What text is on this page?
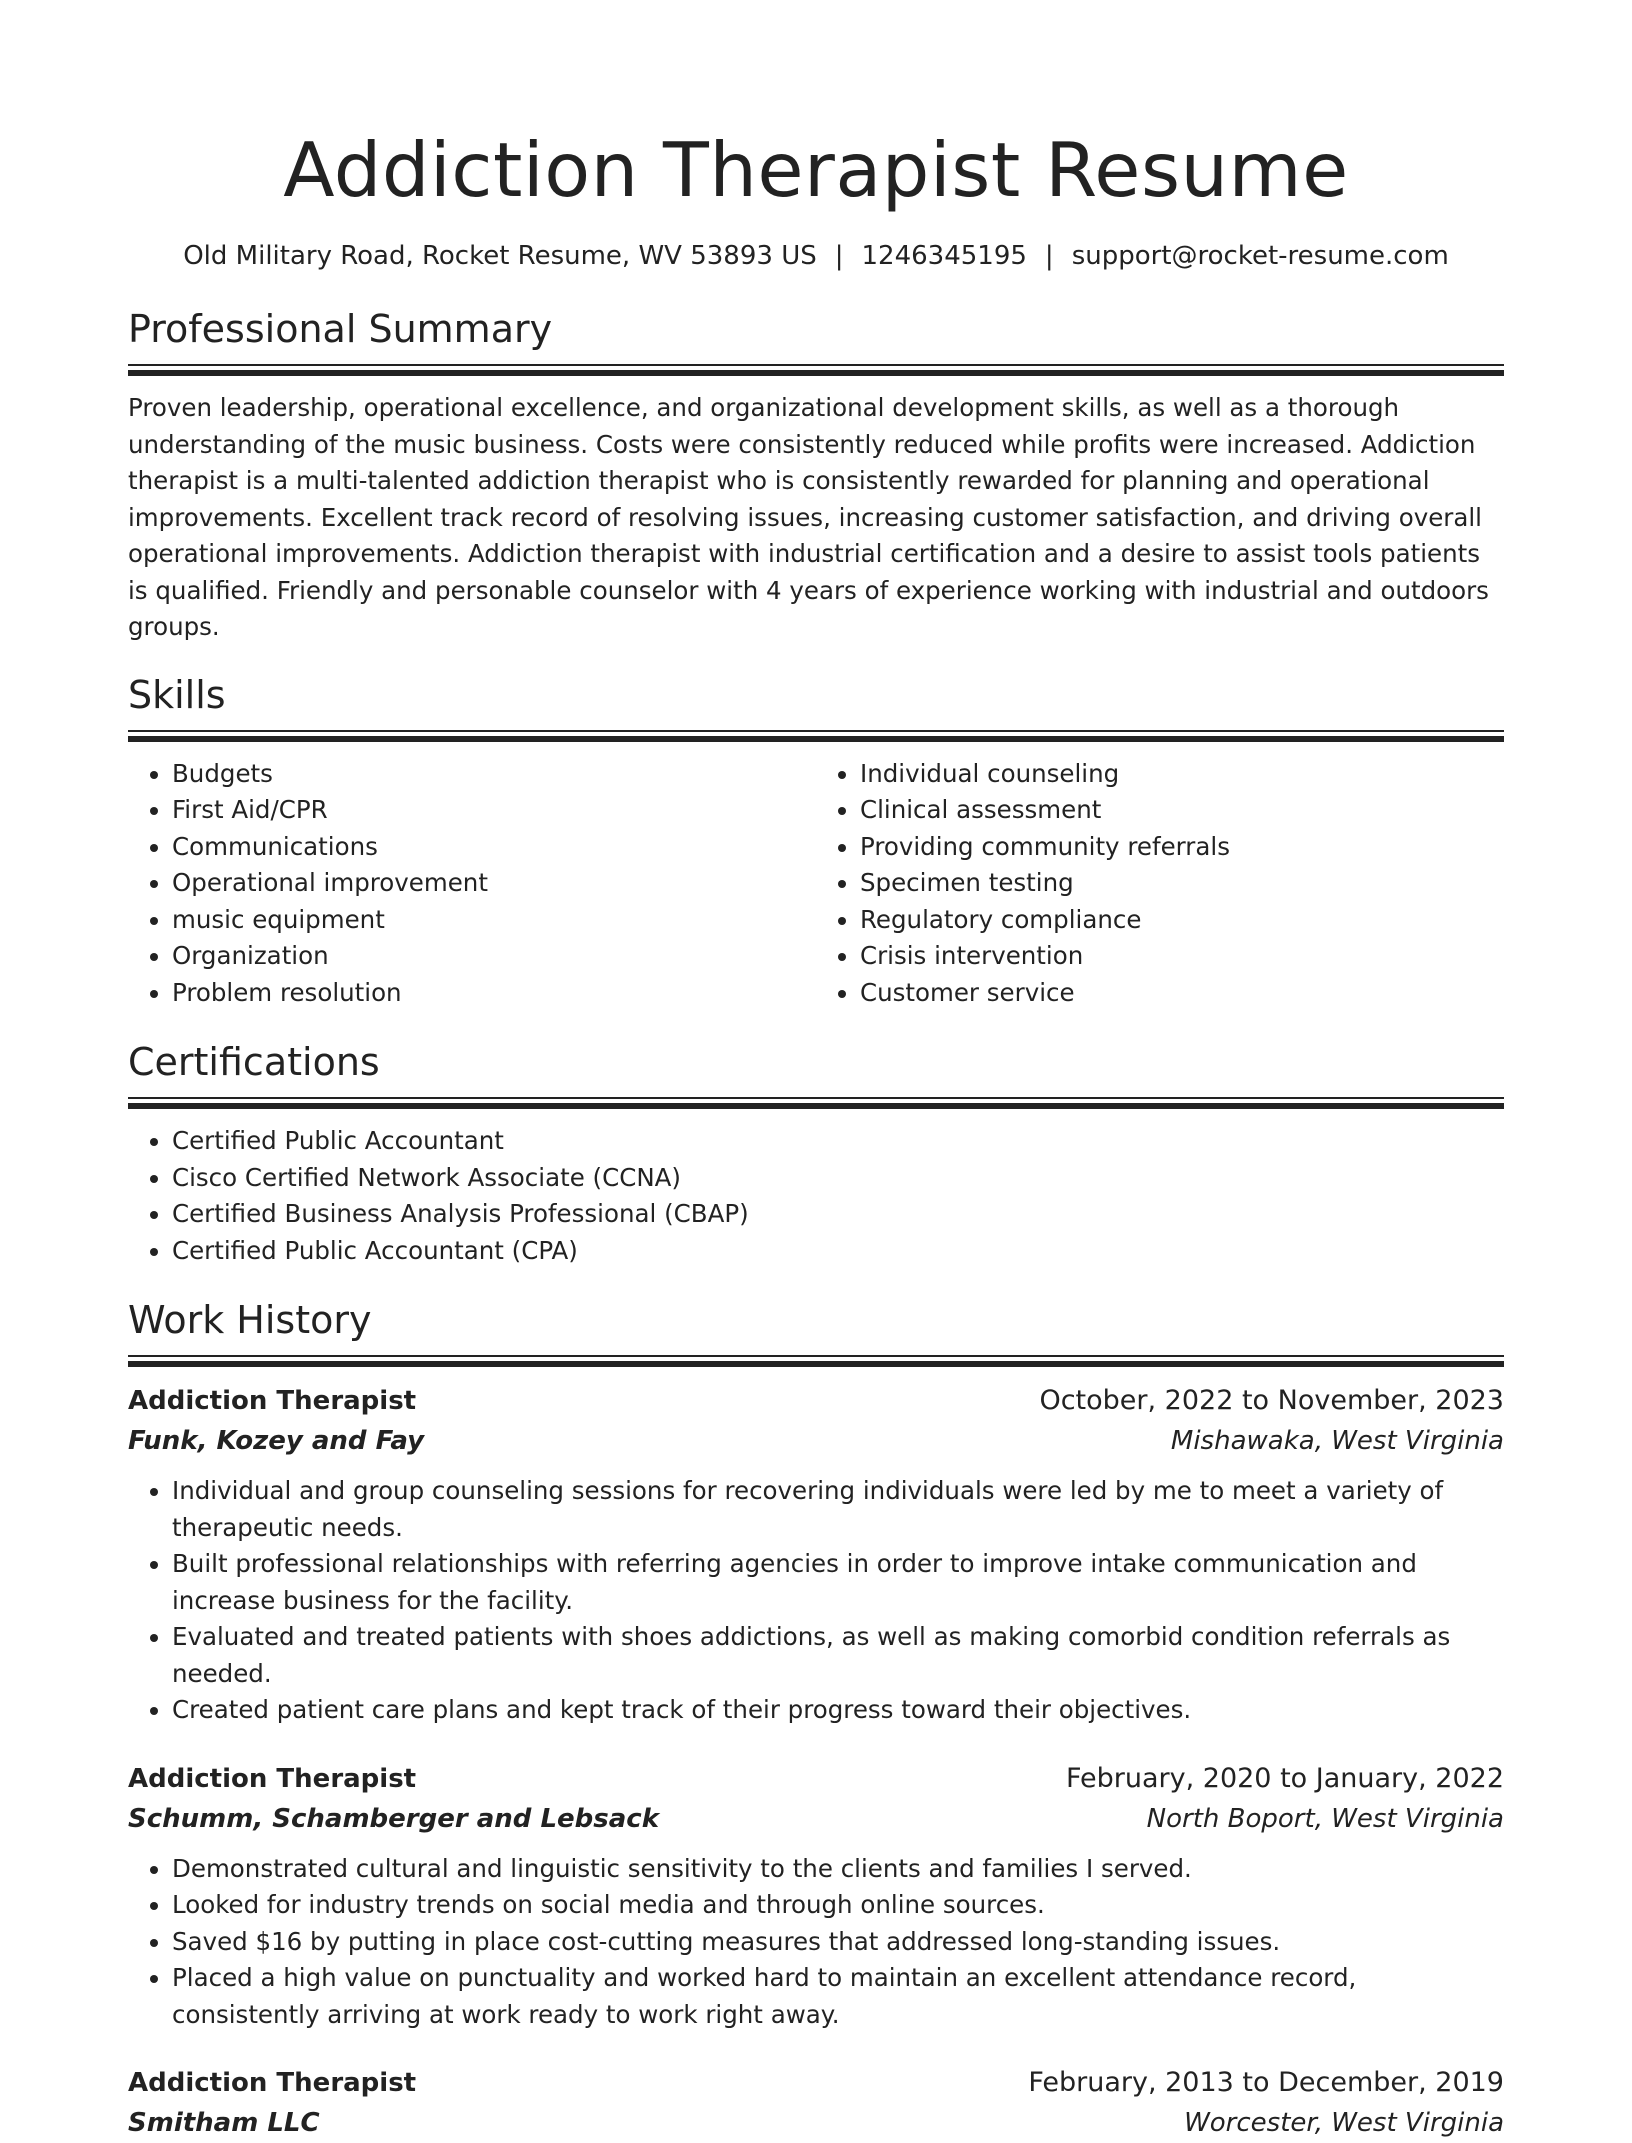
Addiction Therapist Resume
Old Military Road, Rocket Resume, WV 53893 US | 1246345195 | support@rocket-resume.com
Professional Summary

Proven leadership, operational excellence, and organizational development skills, as well as a thorough understanding of the music business. Costs were consistently reduced while profits were increased. Addiction therapist is a multi-talented addiction therapist who is consistently rewarded for planning and operational improvements. Excellent track record of resolving issues, increasing customer satisfaction, and driving overall operational improvements. Addiction therapist with industrial certification and a desire to assist tools patients is qualified. Friendly and personable counselor with 4 years of experience working with industrial and outdoors groups.

Skills
• Budgets
• First Aid/CPR
• Communications
• Operational improvement
• music equipment
• Organization
• Problem resolution
• Individual counseling
• Clinical assessment
• Providing community referrals
• Specimen testing
• Regulatory compliance
• Crisis intervention
• Customer service
Certifications
• Certified Public Accountant
• Cisco Certified Network Associate (CCNA)
• Certified Business Analysis Professional (CBAP)
• Certified Public Accountant (CPA)
Work History
Addiction Therapist	October, 2022 to November, 2023
Funk, Kozey and Fay	Mishawaka, West Virginia
• Individual and group counseling sessions for recovering individuals were led by me to meet a variety of therapeutic needs.
• Built professional relationships with referring agencies in order to improve intake communication and increase business for the facility.
• Evaluated and treated patients with shoes addictions, as well as making comorbid condition referrals as needed.
• Created patient care plans and kept track of their progress toward their objectives.
Addiction Therapist	February, 2020 to January, 2022
Schumm, Schamberger and Lebsack	North Boport, West Virginia
• Demonstrated cultural and linguistic sensitivity to the clients and families I served.
• Looked for industry trends on social media and through online sources.
• Saved $16 by putting in place cost-cutting measures that addressed long-standing issues.
• Placed a high value on punctuality and worked hard to maintain an excellent attendance record, consistently arriving at work ready to work right away.
Addiction Therapist	February, 2013 to December, 2019
Smitham LLC	Worcester, West Virginia
